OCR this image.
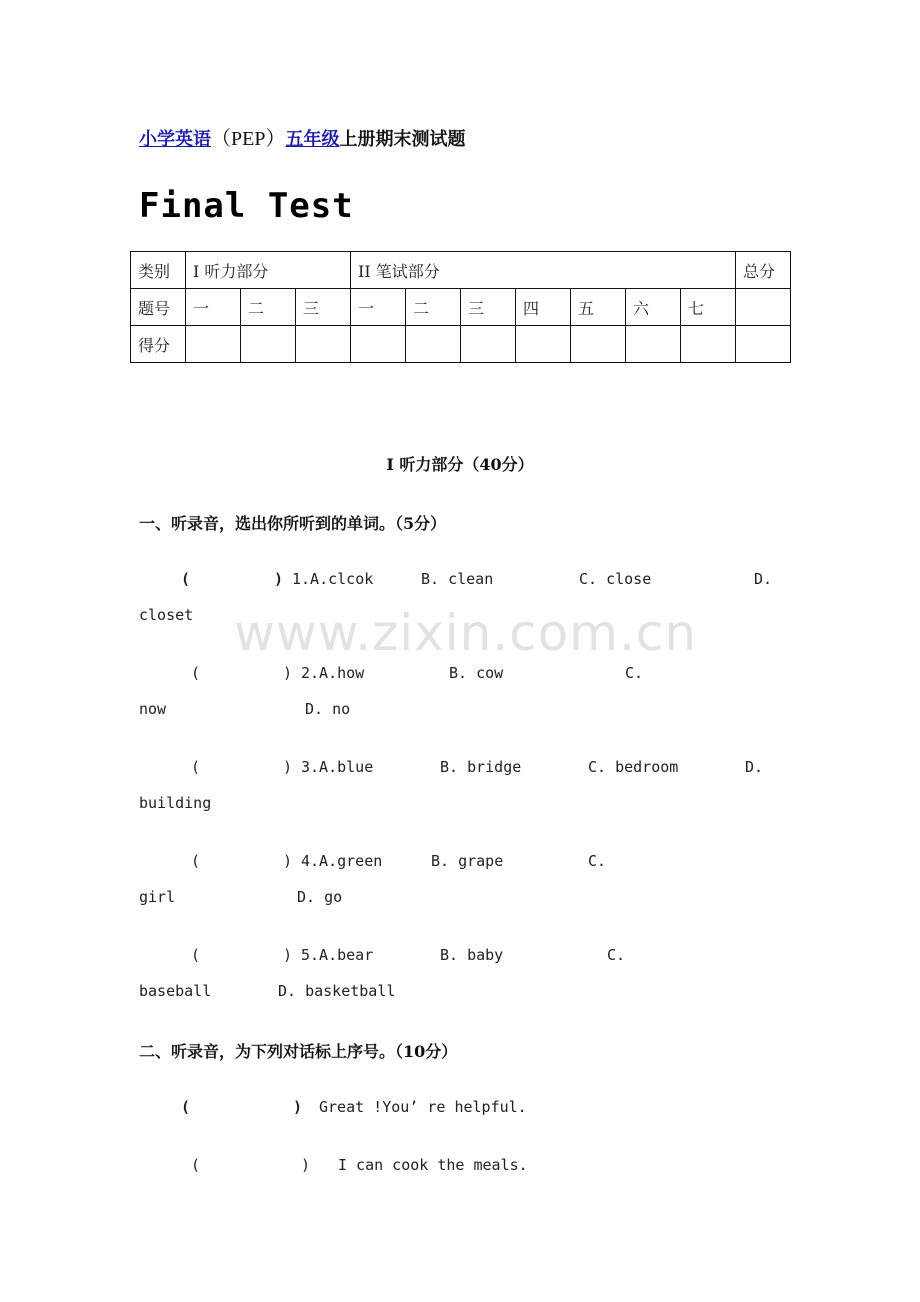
小学英语（PEP）五年级上册期末测试题
Final Test
类别	I 听力部分			II 笔试部分							总分
题号	一	二	三	一	二	三	四	五	六	七	
得分											
I 听力部分（40分）
一、听录音，选出你所听到的单词。（5分）
(	) 1.A.clcok	B. clean	C. close	D.
closet www.zixin.com.cn
(	) 2.A.how	B. cow	C.
now	D. no
(	) 3.A.blue	B. bridge	C. bedroom	D.
building
(	) 4.A.green	B. grape	C.
girl	D. go
(	) 5.A.bear	B. baby	C.
baseball	D. basketball
二、听录音，为下列对话标上序号。（10分）
(	) Great !You’ re helpful.
(	) I can cook the meals.
